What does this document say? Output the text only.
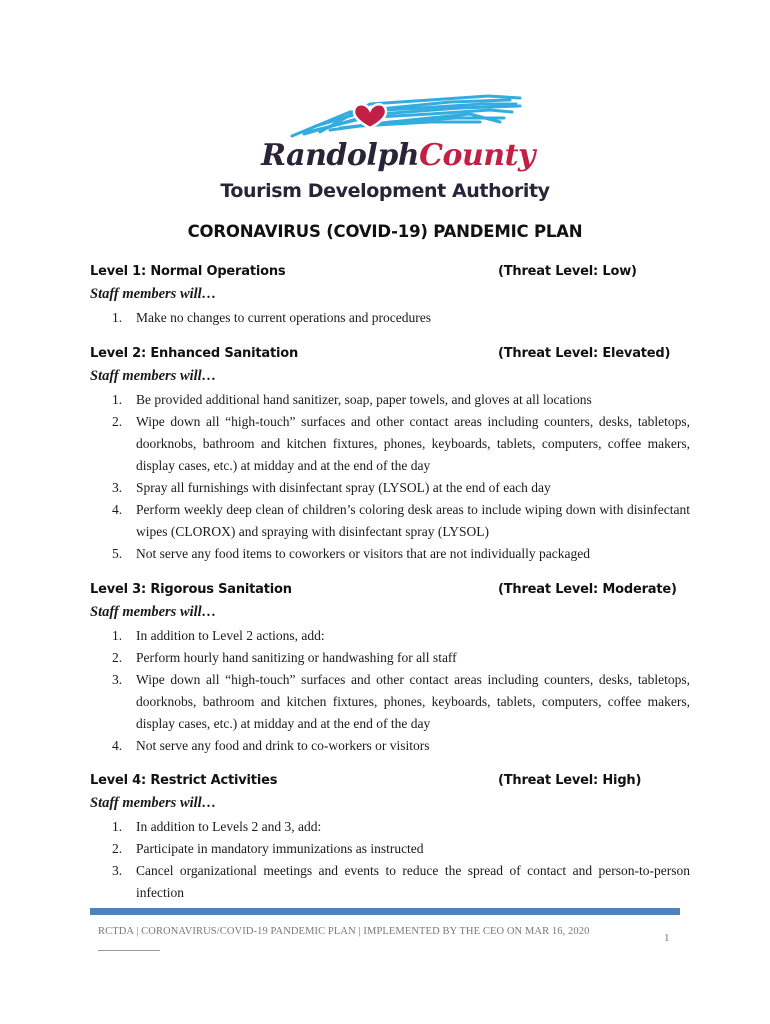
RandolphCounty
Tourism Development Authority
CORONAVIRUS (COVID-19) PANDEMIC PLAN
Level 1: Normal Operations	(Threat Level: Low)
Staff members will…
1. Make no changes to current operations and procedures
Level 2: Enhanced Sanitation	(Threat Level: Elevated)
Staff members will…
1. Be provided additional hand sanitizer, soap, paper towels, and gloves at all locations
2. Wipe down all “high-touch” surfaces and other contact areas including counters, desks, tabletops, doorknobs, bathroom and kitchen fixtures, phones, keyboards, tablets, computers, coffee makers, display cases, etc.) at midday and at the end of the day
3. Spray all furnishings with disinfectant spray (LYSOL) at the end of each day
4. Perform weekly deep clean of children’s coloring desk areas to include wiping down with disinfectant wipes (CLOROX) and spraying with disinfectant spray (LYSOL)
5. Not serve any food items to coworkers or visitors that are not individually packaged
Level 3: Rigorous Sanitation	(Threat Level: Moderate)
Staff members will…
1. In addition to Level 2 actions, add:
2. Perform hourly hand sanitizing or handwashing for all staff
3. Wipe down all “high-touch” surfaces and other contact areas including counters, desks, tabletops, doorknobs, bathroom and kitchen fixtures, phones, keyboards, tablets, computers, coffee makers, display cases, etc.) at midday and at the end of the day
4. Not serve any food and drink to co-workers or visitors
Level 4: Restrict Activities	(Threat Level: High)
Staff members will…
1. In addition to Levels 2 and 3, add:
2. Participate in mandatory immunizations as instructed
3. Cancel organizational meetings and events to reduce the spread of contact and person-to-person infection
RCTDA | CORONAVIRUS/COVID-19 PANDEMIC PLAN | IMPLEMENTED BY THE CEO ON MAR 16, 2020
1
